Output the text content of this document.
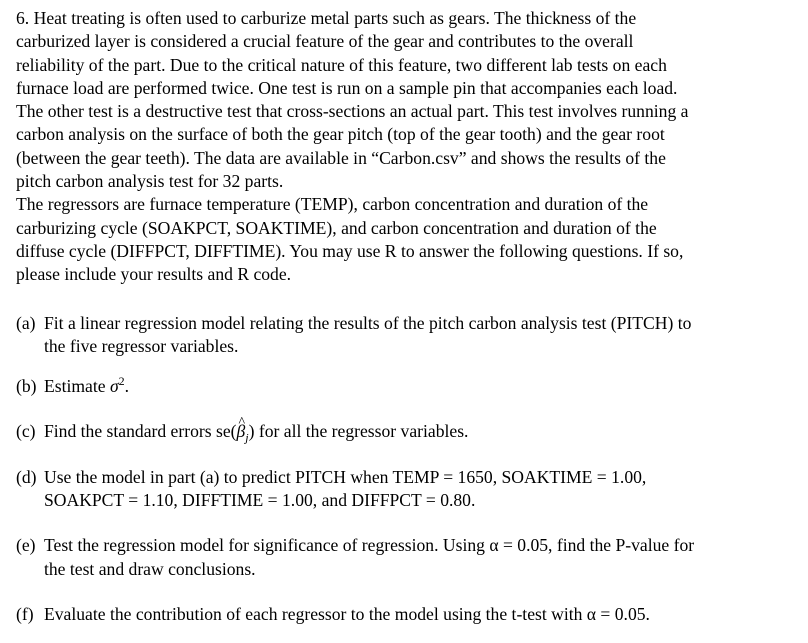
6. Heat treating is often used to carburize metal parts such as gears. The thickness of the
carburized layer is considered a crucial feature of the gear and contributes to the overall
reliability of the part. Due to the critical nature of this feature, two different lab tests on each
furnace load are performed twice. One test is run on a sample pin that accompanies each load.
The other test is a destructive test that cross-sections an actual part. This test involves running a
carbon analysis on the surface of both the gear pitch (top of the gear tooth) and the gear root
(between the gear teeth). The data are available in “Carbon.csv” and shows the results of the
pitch carbon analysis test for 32 parts.

The regressors are furnace temperature (TEMP), carbon concentration and duration of the
carburizing cycle (SOAKPCT, SOAKTIME), and carbon concentration and duration of the
diffuse cycle (DIFFPCT, DIFFTIME). You may use R to answer the following questions. If so,
please include your results and R code.

(a) Fit a linear regression model relating the results of the pitch carbon analysis test (PITCH) to
the five regressor variables.
(b) Estimate $\sigma^2$.
(c) Find the standard errors se(^ $\beta_j$) for all the regressor variables.
(d) Use the model in part (a) to predict PITCH when TEMP = 1650, SOAKTIME = 1.00,
SOAKPCT = 1.10, DIFFTIME = 1.00, and DIFFPCT = 0.80.
(e) Test the regression model for significance of regression. Using α = 0.05, find the P-value for
the test and draw conclusions.
(f) Evaluate the contribution of each regressor to the model using the t-test with α = 0.05.
